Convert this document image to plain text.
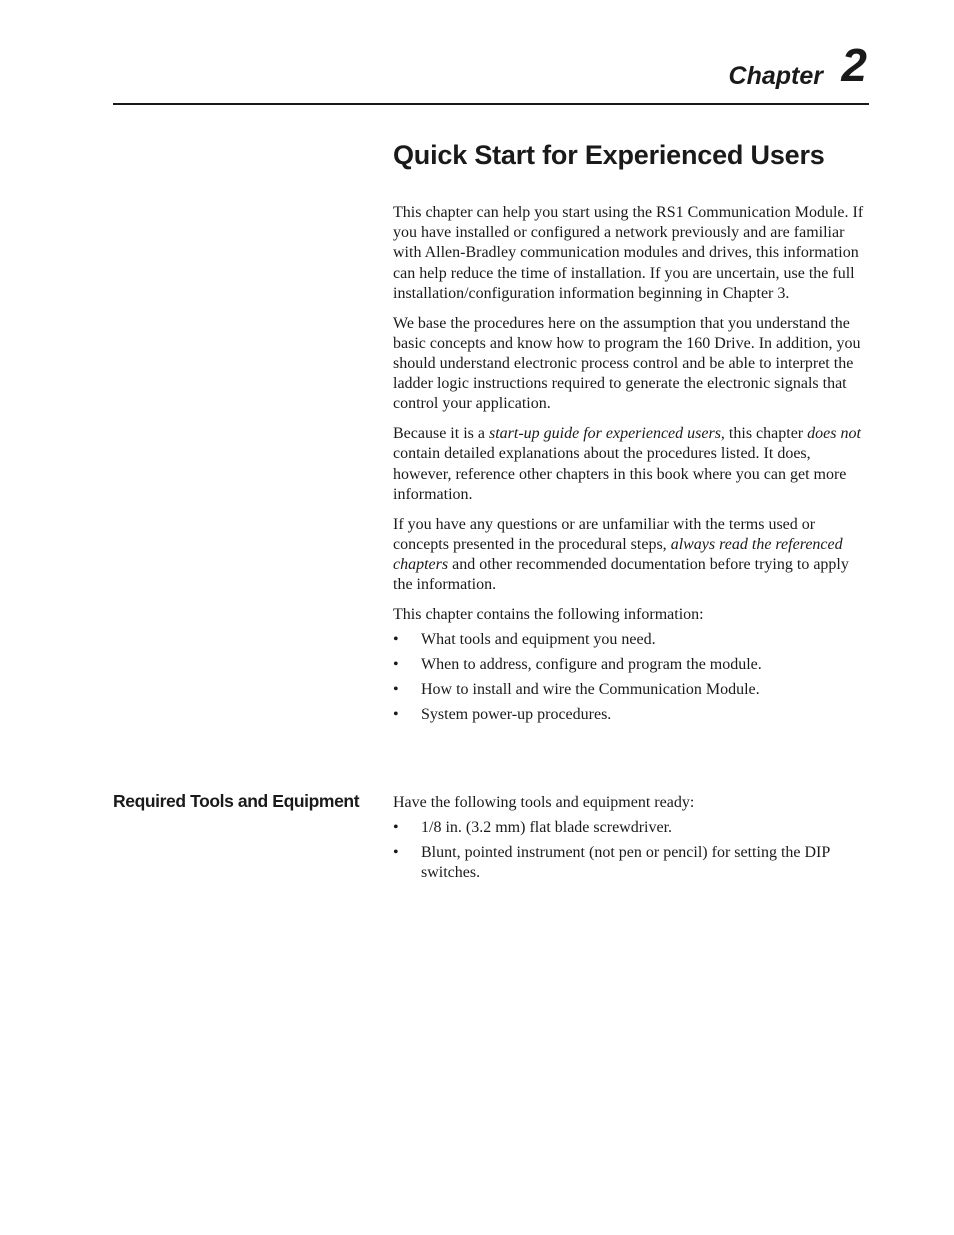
Chapter 2
Quick Start for Experienced Users

This chapter can help you start using the RS1 Communication Module. If you have installed or configured a network previously and are familiar with Allen-Bradley communication modules and drives, this information can help reduce the time of installation. If you are uncertain, use the full installation/configuration information beginning in Chapter 3.

We base the procedures here on the assumption that you understand the basic concepts and know how to program the 160 Drive. In addition, you should understand electronic process control and be able to interpret the ladder logic instructions required to generate the electronic signals that control your application.

Because it is a start-up guide for experienced users, this chapter does not contain detailed explanations about the procedures listed. It does, however, reference other chapters in this book where you can get more information.

If you have any questions or are unfamiliar with the terms used or concepts presented in the procedural steps, always read the referenced chapters and other recommended documentation before trying to apply the information.

This chapter contains the following information:

• What tools and equipment you need.
• When to address, configure and program the module.
• How to install and wire the Communication Module.
• System power-up procedures.
Required Tools and Equipment Have the following tools and equipment ready:

• 1/8 in. (3.2 mm) flat blade screwdriver.
• Blunt, pointed instrument (not pen or pencil) for setting the DIP switches.
